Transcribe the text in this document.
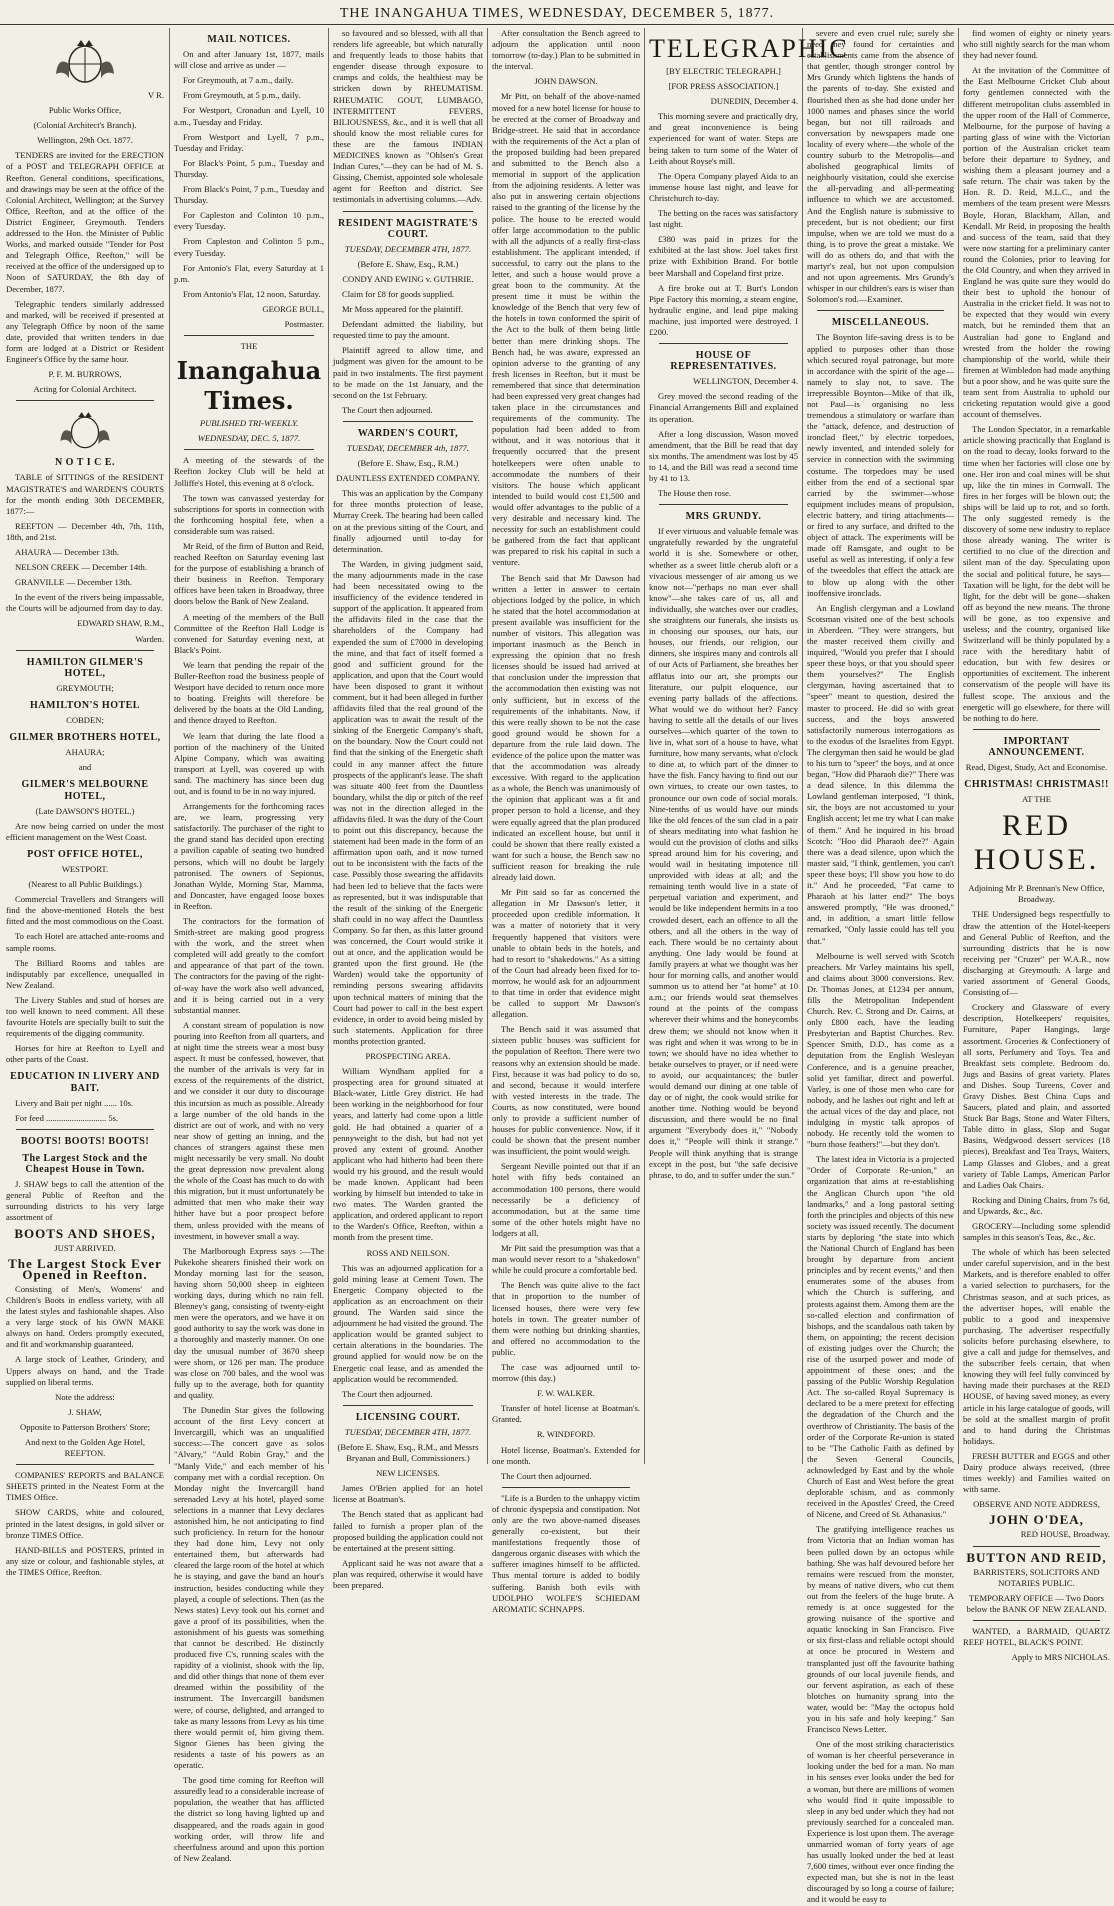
THE INANGAHUA TIMES, WEDNESDAY, DECEMBER 5, 1877.

V R.

Public Works Office,

(Colonial Architect's Branch).

Wellington, 29th Oct. 1877.

TENDERS are invited for the ERECTION of a POST and TELEGRAPH OFFICE at Reefton. General conditions, specifications, and drawings may be seen at the office of the Colonial Architect, Wellington; at the Survey Office, Reefton, and at the office of the District Engineer, Greymouth. Tenders addressed to the Hon. the Minister of Public Works, and marked outside "Tender for Post and Telegraph Office, Reefton," will be received at the office of the undersigned up to Noon of SATURDAY, the 8th day of December, 1877.

Telegraphic tenders similarly addressed and marked, will be received if presented at any Telegraph Office by noon of the same date, provided that written tenders in due form are lodged at a District or Resident Engineer's Office by the same hour.

P. F. M. BURROWS,

Acting for Colonial Architect.

N O T I C E.

TABLE of SITTINGS of the RESIDENT MAGISTRATE'S and WARDEN'S COURTS for the month ending 30th DECEMBER, 1877:—

REEFTON — December 4th, 7th, 11th, 18th, and 21st.

AHAURA — December 13th.

NELSON CREEK — December 14th.

GRANVILLE — December 13th.

In the event of the rivers being impassable, the Courts will be adjourned from day to day.

EDWARD SHAW, R.M.,

Warden.

HAMILTON GILMER'S HOTEL,

GREYMOUTH;

HAMILTON'S HOTEL

COBDEN;

GILMER BROTHERS HOTEL,

AHAURA;

and

GILMER'S MELBOURNE HOTEL,

(Late DAWSON'S HOTEL.)

Are now being carried on under the most efficient management on the West Coast.

POST OFFICE HOTEL,

WESTPORT.

(Nearest to all Public Buildings.)

Commercial Travellers and Strangers will find the above-mentioned Hotels the best fitted and the most commodious on the Coast.

To each Hotel are attached ante-rooms and sample rooms.

The Billiard Rooms and tables are indisputably par excellence, unequalled in New Zealand.

The Livery Stables and stud of horses are too well known to need comment. All these favourite Hotels are specially built to suit the requirements of the digging community.

Horses for hire at Reefton to Lyell and other parts of the Coast.

EDUCATION IN LIVERY AND BAIT.

Livery and Bait per night ...... 10s.

For feed ............................ 5s.

BOOTS! BOOTS! BOOTS!

The Largest Stock and the Cheapest House in Town.

J. SHAW begs to call the attention of the general Public of Reefton and the surrounding districts to his very large assortment of

BOOTS AND SHOES,

JUST ARRIVED.

The Largest Stock Ever Opened in Reefton.

Consisting of Men's, Womens' and Children's Boots in endless variety, with all the latest styles and fashionable shapes. Also a very large stock of his OWN MAKE always on hand. Orders promptly executed, and fit and workmanship guaranteed.

A large stock of Leather, Grindery, and Uppers always on hand, and the Trade supplied on liberal terms.

Note the address:

J. SHAW,

Opposite to Patterson Brothers' Store;

And next to the Golden Age Hotel, REEFTON.

COMPANIES' REPORTS and BALANCE SHEETS printed in the Neatest Form at the TIMES Office.

SHOW CARDS, white and coloured, printed in the latest designs, in gold silver or bronze TIMES Office.

HAND-BILLS and POSTERS, printed in any size or colour, and fashionable styles, at the TIMES Office, Reefton.

MAIL NOTICES.

On and after January 1st, 1877, mails will close and arrive as under —

For Greymouth, at 7 a.m., daily.

From Greymouth, at 5 p.m., daily.

For Westport, Cronadun and Lyell, 10 a.m., Tuesday and Friday.

From Westport and Lyell, 7 p.m., Tuesday and Friday.

For Black's Point, 5 p.m., Tuesday and Thursday.

From Black's Point, 7 p.m., Tuesday and Thursday.

For Capleston and Colinton 10 p.m., every Tuesday.

From Capleston and Colinton 5 p.m., every Tuesday.

For Antonio's Flat, every Saturday at 1 p.m.

From Antonio's Flat, 12 noon, Saturday.

GEORGE BULL,

Postmaster.

THE

Inangahua Times.

PUBLISHED TRI-WEEKLY.

WEDNESDAY, DEC. 5, 1877.

A meeting of the stewards of the Reefton Jockey Club will be held at Jolliffe's Hotel, this evening at 8 o'clock.

The town was canvassed yesterday for subscriptions for sports in connection with the forthcoming hospital fete, when a considerable sum was raised.

Mr Reid, of the firm of Button and Reid, reached Reefton on Saturday evening last for the purpose of establishing a branch of their business in Reefton. Temporary offices have been taken in Broadway, three doors below the Bank of New Zealand.

A meeting of the members of the Bull Committee of the Reefton Hall Lodge is convened for Saturday evening next, at Black's Point.

We learn that pending the repair of the Buller-Reefton road the business people of Westport have decided to return once more to boating. Freights will therefore be delivered by the boats at the Old Landing, and thence drayed to Reefton.

We learn that during the late flood a portion of the machinery of the United Alpine Company, which was awaiting transport at Lyell, was covered up with sand. The machinery has since been dug out, and is found to be in no way injured.

Arrangements for the forthcoming races are, we learn, progressing very satisfactorily. The purchaser of the right to the grand stand has decided upon erecting a pavilion capable of seating two hundred persons, which will no doubt be largely patronised. The owners of Sepionus, Jonathan Wylde, Morning Star, Mamma, and Doncaster, have engaged loose boxes in Reefton.

The contractors for the formation of Smith-street are making good progress with the work, and the street when completed will add greatly to the comfort and appearance of that part of the town. The contractors for the paving of the right-of-way have the work also well advanced, and it is being carried out in a very substantial manner.

A constant stream of population is now pouring into Reefton from all quarters, and at night time the streets wear a most busy aspect. It must be confessed, however, that the number of the arrivals is very far in excess of the requirements of the district, and we consider it our duty to discourage this incursion as much as possible. Already a large number of the old hands in the district are out of work, and with no very near show of getting an inning, and the chances of strangers against these men might necessarily be very small. No doubt the great depression now prevalent along the whole of the Coast has much to do with this migration, but it must unfortunately be admitted that men who make their way hither have but a poor prospect before them, unless provided with the means of investment, in however small a way.

The Marlborough Express says :—The Pukekohe shearers finished their work on Monday morning last for the season, having shorn 50,000 sheep in eighteen working days, during which no rain fell. Blenney's gang, consisting of twenty-eight men were the operators, and we have it on good authority to say the work was done in a thoroughly and masterly manner. On one day the unusual number of 3670 sheep were shorn, or 126 per man. The produce was close on 700 bales, and the wool was fully up to the average, both for quantity and quality.

The Dunedin Star gives the following account of the first Levy concert at Invercargill, which was an unqualified success:—The concert gave as solos "Alvary," "Auld Robin Gray," and the "Manly Vide," and each member of his company met with a cordial reception. On Monday night the Invercargill band serenaded Levy at his hotel, played some selections in a manner that Levy declares astonished him, he not anticipating to find such proficiency. In return for the honour they had done him, Levy not only entertained them, but afterwards had cleared the large room of the hotel at which he is staying, and gave the band an hour's instruction, besides conducting while they played, a couple of selections. Then (as the News states) Levy took out his cornet and gave a proof of its possibilities, when the astonishment of his guests was something that cannot be described. He distinctly produced five C's, running scales with the rapidity of a violinist, shook with the lip, and did other things that none of them ever dreamed within the possibility of the instrument. The Invercargill bandsmen were, of course, delighted, and arranged to take as many lessons from Levy as his time there would permit of, him giving them. Signor Gienes has been giving the residents a taste of his powers as an operatic.

The good time coming for Reefton will assuredly lead to a considerable increase of population, the weather that has afflicted the district so long having lighted up and disappeared, and the roads again in good working order, will throw life and cheerfulness around and upon this portion of New Zealand.

so favoured and so blessed, with all that renders life agreeable, but which naturally and frequently leads to those habits that engender disease through exposure to cramps and colds, the healthiest may be stricken down by RHEUMATISM. RHEUMATIC GOUT, LUMBAGO, INTERMITTENT FEVERS, BILIOUSNESS, &c., and it is well that all should know the most reliable cures for these are the famous INDIAN MEDICINES known as "Ohlsen's Great Indian Cures,"—they can be had of M. S. Gissing, Chemist, appointed sole wholesale agent for Reefton and district. See testimonials in advertising columns.—Adv.

RESIDENT MAGISTRATE'S COURT.

TUESDAY, DECEMBER 4TH, 1877.

(Before E. Shaw, Esq., R.M.)

CONDY AND EWING v. GUTHRIE.

Claim for £8 for goods supplied.

Mr Moss appeared for the plaintiff.

Defendant admitted the liability, but requested time to pay the amount.

Plaintiff agreed to allow time, and judgment was given for the amount to be paid in two instalments. The first payment to be made on the 1st January, and the second on the 1st February.

The Court then adjourned.

WARDEN'S COURT,

TUESDAY, DECEMBER 4th, 1877.

(Before E. Shaw, Esq., R.M.)

DAUNTLESS EXTENDED COMPANY.

This was an application by the Company for three months protection of lease, Murray Creek. The hearing had been called on at the previous sitting of the Court, and finally adjourned until to-day for determination.

The Warden, in giving judgment said, the many adjournments made in the case had been necessitated owing to the insufficiency of the evidence tendered in support of the application. It appeared from the affidavits filed in the case that the shareholders of the Company had expended the sum of £7000 in developing the mine, and that fact of itself formed a good and sufficient ground for the application, and upon that the Court would have been disposed to grant it without comment, but it had been alleged in further affidavits filed that the real ground of the application was to await the result of the sinking of the Energetic Company's shaft, on the boundary. Now the Court could not find that the sinking of the Energetic shaft could in any manner affect the future prospects of the applicant's lease. The shaft was situate 400 feet from the Dauntless boundary, whilst the dip or pitch of the reef was not in the direction alleged in the affidavits filed. It was the duty of the Court to point out this discrepancy, because the statement had been made in the form of an affirmation upon oath, and it now turned out to be inconsistent with the facts of the case. Possibly those swearing the affidavits had been led to believe that the facts were as represented, but it was indisputable that the result of the sinking of the Energetic shaft could in no way affect the Dauntless Company. So far then, as this latter ground was concerned, the Court would strike it out at once, and the application would be granted upon the first ground. He (the Warden) would take the opportunity of reminding persons swearing affidavits upon technical matters of mining that the Court had power to call in the best expert evidence, in order to avoid being misled by such statements. Application for three months protection granted.

PROSPECTING AREA.

William Wyndham applied for a prospecting area for ground situated at Black-water, Little Grey district. He had been working in the neighborhood for four years, and latterly had come upon a little gold. He had obtained a quarter of a pennyweight to the dish, but had not yet proved any extent of ground. Another applicant who had hitherto had been there would try his ground, and the result would be made known. Applicant had been working by himself but intended to take in two mates. The Warden granted the application, and ordered applicant to report to the Warden's Office, Reefton, within a month from the present time.

ROSS AND NEILSON.

This was an adjourned application for a gold mining lease at Cement Town. The Energetic Company objected to the application as an encroachment on their ground. The Warden said since the adjournment he had visited the ground. The application would be granted subject to certain alterations in the boundaries. The ground applied for would now be on the Energetic coal lease, and as amended the application would be recommended.

The Court then adjourned.

LICENSING COURT.

TUESDAY, DECEMBER 4TH, 1877.

(Before E. Shaw, Esq., R.M., and Messrs Bryanan and Bull, Commissioners.)

NEW LICENSES.

James O'Brien applied for an hotel license at Boatman's.

The Bench stated that as applicant had failed to furnish a proper plan of the proposed building the application could not be entertained at the present sitting.

Applicant said he was not aware that a plan was required, otherwise it would have been prepared.

After consultation the Bench agreed to adjourn the application until noon tomorrow (to-day.) Plan to be submitted in the interval.

JOHN DAWSON.

Mr Pitt, on behalf of the above-named moved for a new hotel license for house to be erected at the corner of Broadway and Bridge-street. He said that in accordance with the requirements of the Act a plan of the proposed building had been prepared and submitted to the Bench also a memorial in support of the application from the adjoining residents. A letter was also put in answering certain objections raised to the granting of the license by the police. The house to be erected would offer large accommodation to the public with all the adjuncts of a really first-class establishment. The applicant intended, if successful, to carry out the plans to the letter, and such a house would prove a great boon to the community. At the present time it must be within the knowledge of the Bench that very few of the hotels in town conformed the spirit of the Act to the bulk of them being little better than mere drinking shops. The Bench had, he was aware, expressed an opinion adverse to the granting of any fresh licenses in Reefton, but it must be remembered that since that determination had been expressed very great changes had taken place in the circumstances and requirements of the community. The population had been added to from without, and it was notorious that it frequently occurred that the present hotelkeepers were often unable to accommodate the numbers of their visitors. The house which applicant intended to build would cost £1,500 and would offer advantages to the public of a very desirable and necessary kind. The necessity for such an establishment could be gathered from the fact that applicant was prepared to risk his capital in such a venture.

The Bench said that Mr Dawson had written a letter in answer to certain objections lodged by the police, in which he stated that the hotel accommodation at present available was insufficient for the number of visitors. This allegation was important inasmuch as the Bench in expressing the opinion that no fresh licenses should be issued had arrived at that conclusion under the impression that the accommodation then existing was not only sufficient, but in excess of the requirements of the inhabitants. Now, if this were really shown to be not the case good ground would be shown for a departure from the rule laid down. The evidence of the police upon the matter was that the accommodation was already excessive. With regard to the application as a whole, the Bench was unanimously of the opinion that applicant was a fit and proper person to hold a license, and they were equally agreed that the plan produced indicated an excellent house, but until it could be shown that there really existed a want for such a house, the Bench saw no sufficient reason for breaking the rule already laid down.

Mr Pitt said so far as concerned the allegation in Mr Dawson's letter, it proceeded upon credible information. It was a matter of notoriety that it very frequently happened that visitors were unable to obtain beds in the hotels, and had to resort to "shakedowns." As a sitting of the Court had already been fixed for to-morrow, he would ask for an adjournment to that time in order that evidence might be called to support Mr Dawson's allegation.

The Bench said it was assumed that sixteen public houses was sufficient for the population of Reefton. There were two reasons why an extension should be made. First, because it was bad policy to do so, and second, because it would interfere with vested interests in the trade. The Courts, as now constituted, were bound only to provide a sufficient number of houses for public convenience. Now, if it could be shown that the present number was insufficient, the point would weigh.

Sergeant Neville pointed out that if an hotel with fifty beds contained an accommodation 100 persons, there would necessarily be a deficiency of accommodation, but at the same time some of the other hotels might have no lodgers at all.

Mr Pitt said the presumption was that a man would never resort to a "shakedown" while he could procure a comfortable bed.

The Bench was quite alive to the fact that in proportion to the number of licensed houses, there were very few hotels in town. The greater number of them were nothing but drinking shanties, and offered no accommodation to the public.

The case was adjourned until to-morrow (this day.)

F. W. WALKER.

Transfer of hotel license at Boatman's. Granted.

R. WINDFORD.

Hotel license, Boatman's. Extended for one month.

The Court then adjourned.

"Life is a Burden to the unhappy victim of chronic dyspepsia and constipation. Not only are the two above-named diseases generally co-existent, but their manifestations frequently those of dangerous organic diseases with which the sufferer imagines himself to be afflicted. Thus mental torture is added to bodily suffering. Banish both evils with UDOLPHO WOLFE'S SCHIEDAM AROMATIC SCHNAPPS.

TELEGRAPHIC

[BY ELECTRIC TELEGRAPH.]

[FOR PRESS ASSOCIATION.]

DUNEDIN, December 4.

This morning severe and practically dry, and great inconvenience is being experienced for want of water. Steps are being taken to turn some of the Water of Leith about Royse's mill.

The Opera Company played Aida to an immense house last night, and leave for Christchurch to-day.

The betting on the races was satisfactory last night.

£380 was paid in prizes for the exhibited at the last show. Joel takes first prize with Exhibition Brand. For bottle beer Marshall and Copeland first prize.

A fire broke out at T. Burt's London Pipe Factory this morning, a steam engine, hydraulic engine, and lead pipe making machine, just imported were destroyed. I £200.

HOUSE OF REPRESENTATIVES.

WELLINGTON, December 4.

Grey moved the second reading of the Financial Arrangements Bill and explained its operation.

After a long discussion, Wason moved amendment, that the Bill be read that day six months. The amendment was lost by 45 to 14, and the Bill was read a second time by 41 to 13.

The House then rose.

MRS GRUNDY.

If ever virtuous and valuable female was ungratefully rewarded by the ungrateful world it is she. Somewhere or other, whether as a sweet little cherub aloft or a vivacious messenger of air among us we know not—"perhaps no man ever shall know"—she takes care of us, all and individually, she watches over our cradles, she straightens our funerals, she insists us in choosing our spouses, our hats, our houses, our friends, our religion, our dinners, she inspires many and controls all of our Acts of Parliament, she breathes her afflatus into our art, she prompts our literature, our pulpit eloquence, our evening party ballads of the affections. What would we do without her? Fancy having to settle all the details of our lives ourselves—which quarter of the town to live in, what sort of a house to have, what furniture, how many servants, what o'clock to dine at, to which part of the dinner to have the fish. Fancy having to find out our own virtues, to create our own tastes, to pronounce our own code of social morals. Nine-tenths of us would have our minds like the old fences of the sun clad in a pair of shears meditating into what fashion he would cut the provision of cloths and silks spread around him for his covering, and would wail in hesitating impotence till unprovided with ideas at all; and the remaining tenth would live in a state of perpetual variation and experiment, and would be like independent hermits in a too crowded desert, each an offence to all the others, and all the others in the way of each. There would be no certainty about anything. One lady would be found at family prayers at what we thought was her hour for morning calls, and another would summon us to attend her "at home" at 10 a.m.; our friends would seat themselves round at the points of the compass wherever their whims and the honeycombs drew them; we should not know when it was right and when it was wrong to be in town; we should have no idea whether to betake ourselves to prayer, or if need were to avoid, our acquaintances; the butler would demand our dining at one table of day or of night, the cook would strike for another time. Nothing would be beyond discussion, and there would be no final argument "Everybody does it," "Nobody does it," "People will think it strange." People will think anything that is strange except in the post, but "the safe decisive phrase, to do, and to suffer under the sun."

severe and even cruel rule; surely she need they found for certainties and establishments came from the absence of that gentler, though stronger control by Mrs Grundy which lightens the hands of the parents of to-day. She existed and flourished then as she had done under her 1000 names and phases since the world began, but not till railroads and conversation by newspapers made one locality of every where—the whole of the country suburb to the Metropolis—and abolished geographical limits of neighbourly visitation, could she exercise the all-pervading and all-permeating influence to which we are accustomed. And the English nature is submissive to precedent, but is not obedient; our first impulse, when we are told we must do a thing, is to prove the great a mistake. We will do as others do, and that with the martyr's zeal, but not upon compulsion and not upon agreements. Mrs Grundy's whisper in our children's ears is wiser than Solomon's rod.—Examiner.

MISCELLANEOUS.

The Boynton life-saving dress is to be applied to purposes other than those which secured royal patronage, but more in accordance with the spirit of the age—namely to slay not, to save. The irrepressible Boynton—Mike of that ilk, not Paul—is organising no less tremendous a stimulatory or warfare than the "attack, defence, and destruction of ironclad fleet," by electric torpedoes, newly invented, and intended solely for service in connection with the swimming costume. The torpedoes may be used either from the end of a sectional spar carried by the swimmer—whose equipment includes means of propulsion, electric battery, and tiring attachments—or fired to any surface, and drifted to the object of attack. The experiments will be made off Ramsgate, and ought to be useful as well as interesting, if only a few of the tweedoles that effect the attack are to blow up along with the other inoffensive ironclads.

An English clergyman and a Lowland Scotsman visited one of the best schools in Aberdeen. "They were strangers, but the master received them civilly and inquired, "Would you prefer that I should speer these boys, or that you should speer them yourselves?" The English clergyman, having ascertained that to "speer" meant to question, desired the master to proceed. He did so with great success, and the boys answered satisfactorily numerous interrogations as to the exodus of the Israelites from Egypt. The clergyman then said he would be glad to his turn to "speer" the boys, and at once began, "How did Pharaoh die?" There was a dead silence. In this dilemma the Lowland gentleman interposed, "I think, sir, the boys are not accustomed to your English accent; let me try what I can make of them." And he inquired in his broad Scotch: "Hoo did Pharaoh dee?" Again there was a dead silence, upon which the master said, "I think, gentlemen, you can't speer these boys; I'll show you how to do it." And he proceeded, "Fat came to Pharaoh at his latter end?" The boys answered promptly, "He was drooned," and, in addition, a smart little fellow remarked, "Only lassie could has tell you that."

Melbourne is well served with Scotch preachers. Mr Varley maintains his spell, and claims about 3000 conversions. Rev. Dr. Thomas Jones, at £1234 per annum, fills the Metropolitan Independent Church. Rev. C. Strong and Dr. Cairns, at only £800 each, have the leading Presbyterian and Baptist Churches. Rev. Spencer Smith, D.D., has come as a deputation from the English Wesleyan Conference, and is a genuine preacher, solid yet familiar, direct and powerful. Varley, is one of those men who care for nobody, and he lashes out right and left at the actual vices of the day and place, not indulging in mystic talk apropos of nobody. He recently told the women to "burn those feathers!"—but they don't.

The latest idea in Victoria is a projected "Order of Corporate Re-union," an organization that aims at re-establishing the Anglican Church upon "the old landmarks," and a long pastoral setting forth the principles and objects of this new society was issued recently. The document starts by deploring "the state into which the National Church of England has been brought by departure from ancient principles and by recent events," and then enumerates some of the abuses from which the Church is suffering, and protests against them. Among them are the so-called election and confirmation of bishops, and the scandalous oath taken by them, on appointing; the recent decision of existing judges over the Church; the rise of the usurped power and mode of appointment of these ones; and the passing of the Public Worship Regulation Act. The so-called Royal Supremacy is declared to be a mere pretext for effecting the degradation of the Church and the overthrow of Christianity. The basis of the order of the Corporate Re-union is stated to be "The Catholic Faith as defined by the Seven General Councils, acknowledged by East and by the whole Church of East and West before the great deplorable schism, and as commonly received in the Apostles' Creed, the Creed of Nicene, and Creed of St. Athanasius."

The gratifying intelligence reaches us from Victoria that an Indian woman has been pulled down by an octopus while bathing. She was half devoured before her remains were rescued from the monster, by means of native divers, who cut them out from the feelers of the huge brute. A remedy is at once suggested for the growing nuisance of the sportive and aquatic knocking in San Francisco. Five or six first-class and reliable octopi should at once be procured in Western and transplanted just off the favourite bathing grounds of our local juvenile fiends, and our fervent aspiration, as each of these blotches on humanity sprang into the water, would be: "May the octopus hold you in his safe and holy keeping." San Francisco News Letter.

One of the most striking characteristics of woman is her cheerful perseverance in looking under the bed for a man. No man in his senses ever looks under the bed for a woman, but there are millions of women who would find it quite impossible to sleep in any bed under which they had not previously searched for a concealed man. Experience is lost upon them. The average unmarried woman of forty years of age has usually looked under the bed at least 7,600 times, without ever once finding the expected man, but she is not in the least discouraged by so long a course of failure; and it would be easy to

find women of eighty or ninety years who still nightly search for the man whom they had never found.

At the invitation of the Committee of the East Melbourne Cricket Club about forty gentlemen connected with the different metropolitan clubs assembled in the upper room of the Hall of Commerce, Melbourne, for the purpose of having a parting glass of wine with the Victorian portion of the Australian cricket team before their departure to Sydney, and wishing them a pleasant journey and a safe return. The chair was taken by the Hon. R. D. Reid, M.L.C., and the members of the team present were Messrs Boyle, Horan, Blackham, Allan, and Kendall. Mr Reid, in proposing the health and success of the team, said that they were now starting for a preliminary canter round the Colonies, prior to leaving for the Old Country, and when they arrived in England he was quite sure they would do their best to uphold the honour of Australia in the cricket field. It was not to be expected that they would win every match, but he reminded them that an Australian had gone to England and wrested from the holder the rowing championship of the world, while their firemen at Wimbledon had made anything but a poor show, and he was quite sure the team sent from Australia to uphold our cricketing reputation would give a good account of themselves.

The London Spectator, in a remarkable article showing practically that England is on the road to decay, looks forward to the time when her factories will close one by one. Her iron and coal mines will be shut up, like the tin mines in Cornwall. The fires in her forges will be blown out; the ships will be laid up to rot, and so forth. The only suggested remedy is the discovery of some new industry to replace those already waning. The writer is certified to no clue of the direction and silent man of the day. Speculating upon the social and political future, he says—Taxation will be light, for the debt will be light, for the debt will be gone—shaken off as beyond the new means. The throne will be gone, as too expensive and useless; and the country, organised like Switzerland will be thinly populated by a race with the hereditary habit of education, but with few desires or opportunities of excitement. The inherent conservatism of the people will have its fullest scope. The anxious and the energetic will go elsewhere, for there will be nothing to do here.

IMPORTANT ANNOUNCEMENT.

Read, Digest, Study, Act and Economise.

CHRISTMAS! CHRISTMAS!!

AT THE

RED HOUSE.

Adjoining Mr P. Brennan's New Office, Broadway.

THE Undersigned begs respectfully to draw the attention of the Hotel-keepers and General Public of Reefton, and the surrounding districts that he is now receiving per "Cruzer" per W.A.R., now discharging at Greymouth. A large and varied assortment of General Goods, Consisting of—

Crockery and Glassware of every description, Hotelkeepers' requisites, Furniture, Paper Hangings, large assortment. Groceries & Confectionery of all sorts, Perfumery and Toys. Tea and Breakfast sets complete. Bedroom do. Jugs and Basins of great variety. Plates and Dishes. Soup Tureens, Cover and Gravy Dishes. Best China Cups and Saucers, plated and plain, and assorted Stuck Bar Bags, Stone and Water Filters, Table ditto in glass, Slop and Sugar Basins, Wedgwood dessert services (18 pieces), Breakfast and Tea Trays, Waiters, Lamp Glasses and Globes, and a great variety of Table Lamps, American Parlor and Ladies Oak Chairs.

Rocking and Dining Chairs, from 7s 6d, and Upwards, &c., &c.

GROCERY—Including some splendid samples in this season's Teas, &c., &c.

The whole of which has been selected under careful supervision, and in the best Markets, and is therefore enabled to offer a varied selection to purchasers, for the Christmas season, and at such prices, as the advertiser hopes, will enable the public to a good and inexpensive purchasing. The advertiser respectfully solicits before purchasing elsewhere, to give a call and judge for themselves, and the subscriber feels certain, that when knowing they will feel fully convinced by having made their purchases at the RED HOUSE, of having saved money, as every article in his large catalogue of goods, will be sold at the smallest margin of profit and to hand during the Christmas holidays.

FRESH BUTTER and EGGS and other Dairy produce always received, (three times weekly) and Families waited on with same.

OBSERVE AND NOTE ADDRESS,

JOHN O'DEA,

RED HOUSE, Broadway.

BUTTON AND REID,

BARRISTERS, SOLICITORS AND NOTARIES PUBLIC.

TEMPORARY OFFICE — Two Doors below the BANK OF NEW ZEALAND.

WANTED, a BARMAID, QUARTZ REEF HOTEL, BLACK'S POINT.

Apply to MRS NICHOLAS.
